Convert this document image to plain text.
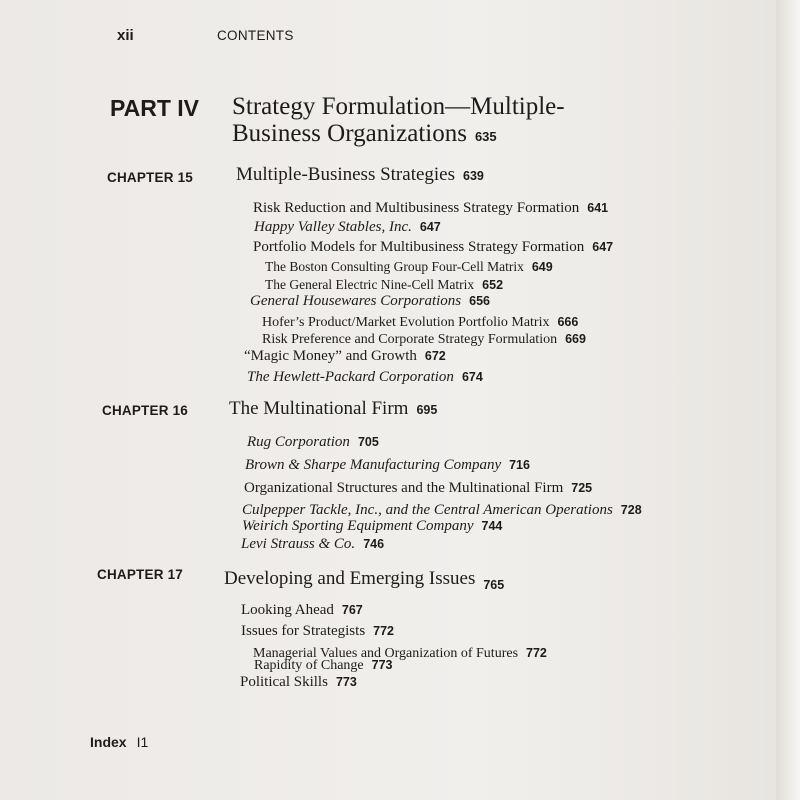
xii	CONTENTS
PART IV Strategy Formulation—Multiple-
Business Organizations 635
CHAPTER 15 Multiple-Business Strategies 639
Risk Reduction and Multibusiness Strategy Formation 641
Happy Valley Stables, Inc. 647
Portfolio Models for Multibusiness Strategy Formation 647
The Boston Consulting Group Four-Cell Matrix 649
The General Electric Nine-Cell Matrix 652
General Housewares Corporations 656
Hofer’s Product/Market Evolution Portfolio Matrix 666
Risk Preference and Corporate Strategy Formulation 669
“Magic Money” and Growth 672
The Hewlett-Packard Corporation 674
CHAPTER 16 The Multinational Firm 695
Rug Corporation 705
Brown & Sharpe Manufacturing Company 716
Organizational Structures and the Multinational Firm 725
Culpepper Tackle, Inc., and the Central American Operations 728
Weirich Sporting Equipment Company 744
Levi Strauss & Co. 746
CHAPTER 17 Developing and Emerging Issues $_{765}$
Looking Ahead 767
Issues for Strategists 772
Managerial Values and Organization of Futures 772
Rapidity of Change 773
Political Skills 773
Index I1
